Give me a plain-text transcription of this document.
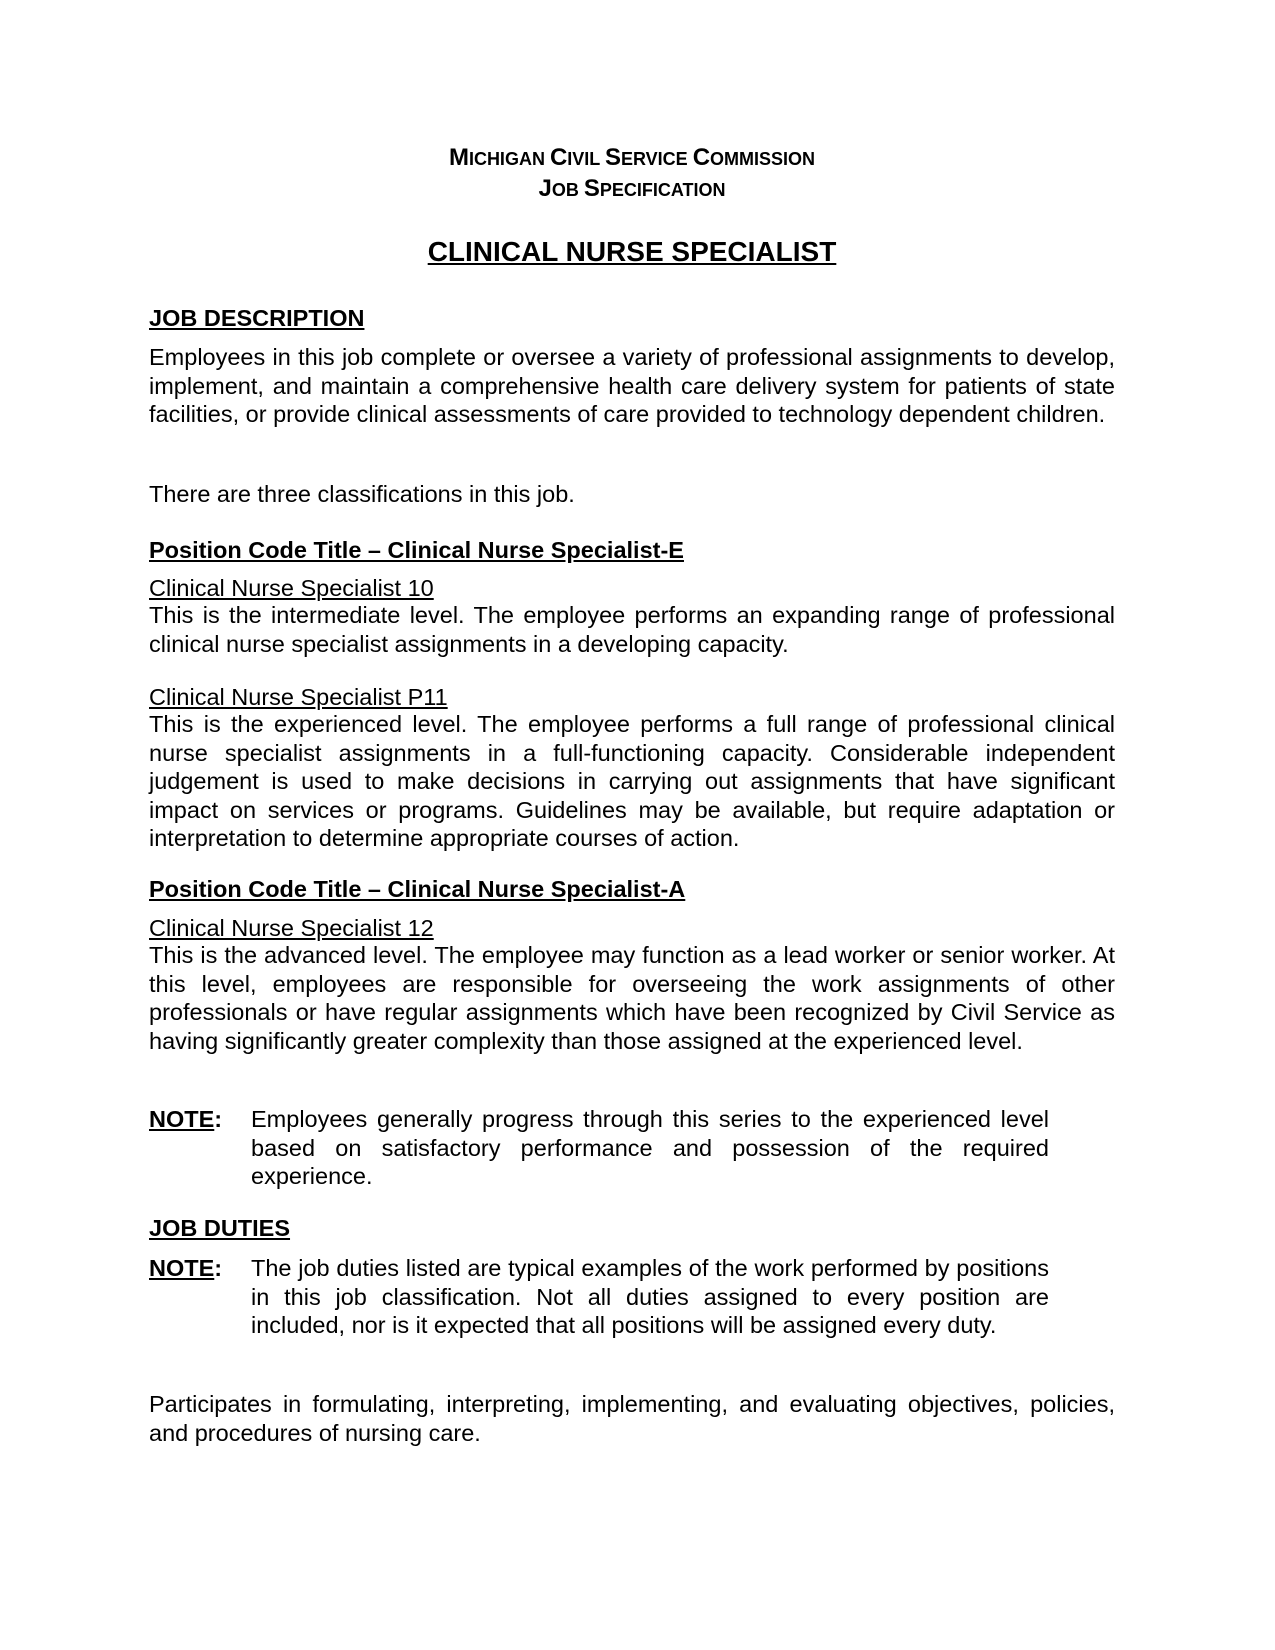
MICHIGAN CIVIL SERVICE COMMISSION
JOB SPECIFICATION
CLINICAL NURSE SPECIALIST
JOB DESCRIPTION
Employees in this job complete or oversee a variety of professional assignments to develop, implement, and maintain a comprehensive health care delivery system for patients of state facilities, or provide clinical assessments of care provided to technology dependent children.
There are three classifications in this job.
Position Code Title – Clinical Nurse Specialist-E
Clinical Nurse Specialist 10
This is the intermediate level. The employee performs an expanding range of professional clinical nurse specialist assignments in a developing capacity.
Clinical Nurse Specialist P11
This is the experienced level. The employee performs a full range of professional clinical nurse specialist assignments in a full-functioning capacity. Considerable independent judgement is used to make decisions in carrying out assignments that have significant impact on services or programs. Guidelines may be available, but require adaptation or interpretation to determine appropriate courses of action.
Position Code Title – Clinical Nurse Specialist-A
Clinical Nurse Specialist 12
This is the advanced level. The employee may function as a lead worker or senior worker. At this level, employees are responsible for overseeing the work assignments of other professionals or have regular assignments which have been recognized by Civil Service as having significantly greater complexity than those assigned at the experienced level.
NOTE:	Employees generally progress through this series to the experienced level based on satisfactory performance and possession of the required experience.
JOB DUTIES
NOTE:	The job duties listed are typical examples of the work performed by positions in this job classification. Not all duties assigned to every position are included, nor is it expected that all positions will be assigned every duty.
Participates in formulating, interpreting, implementing, and evaluating objectives, policies, and procedures of nursing care.
